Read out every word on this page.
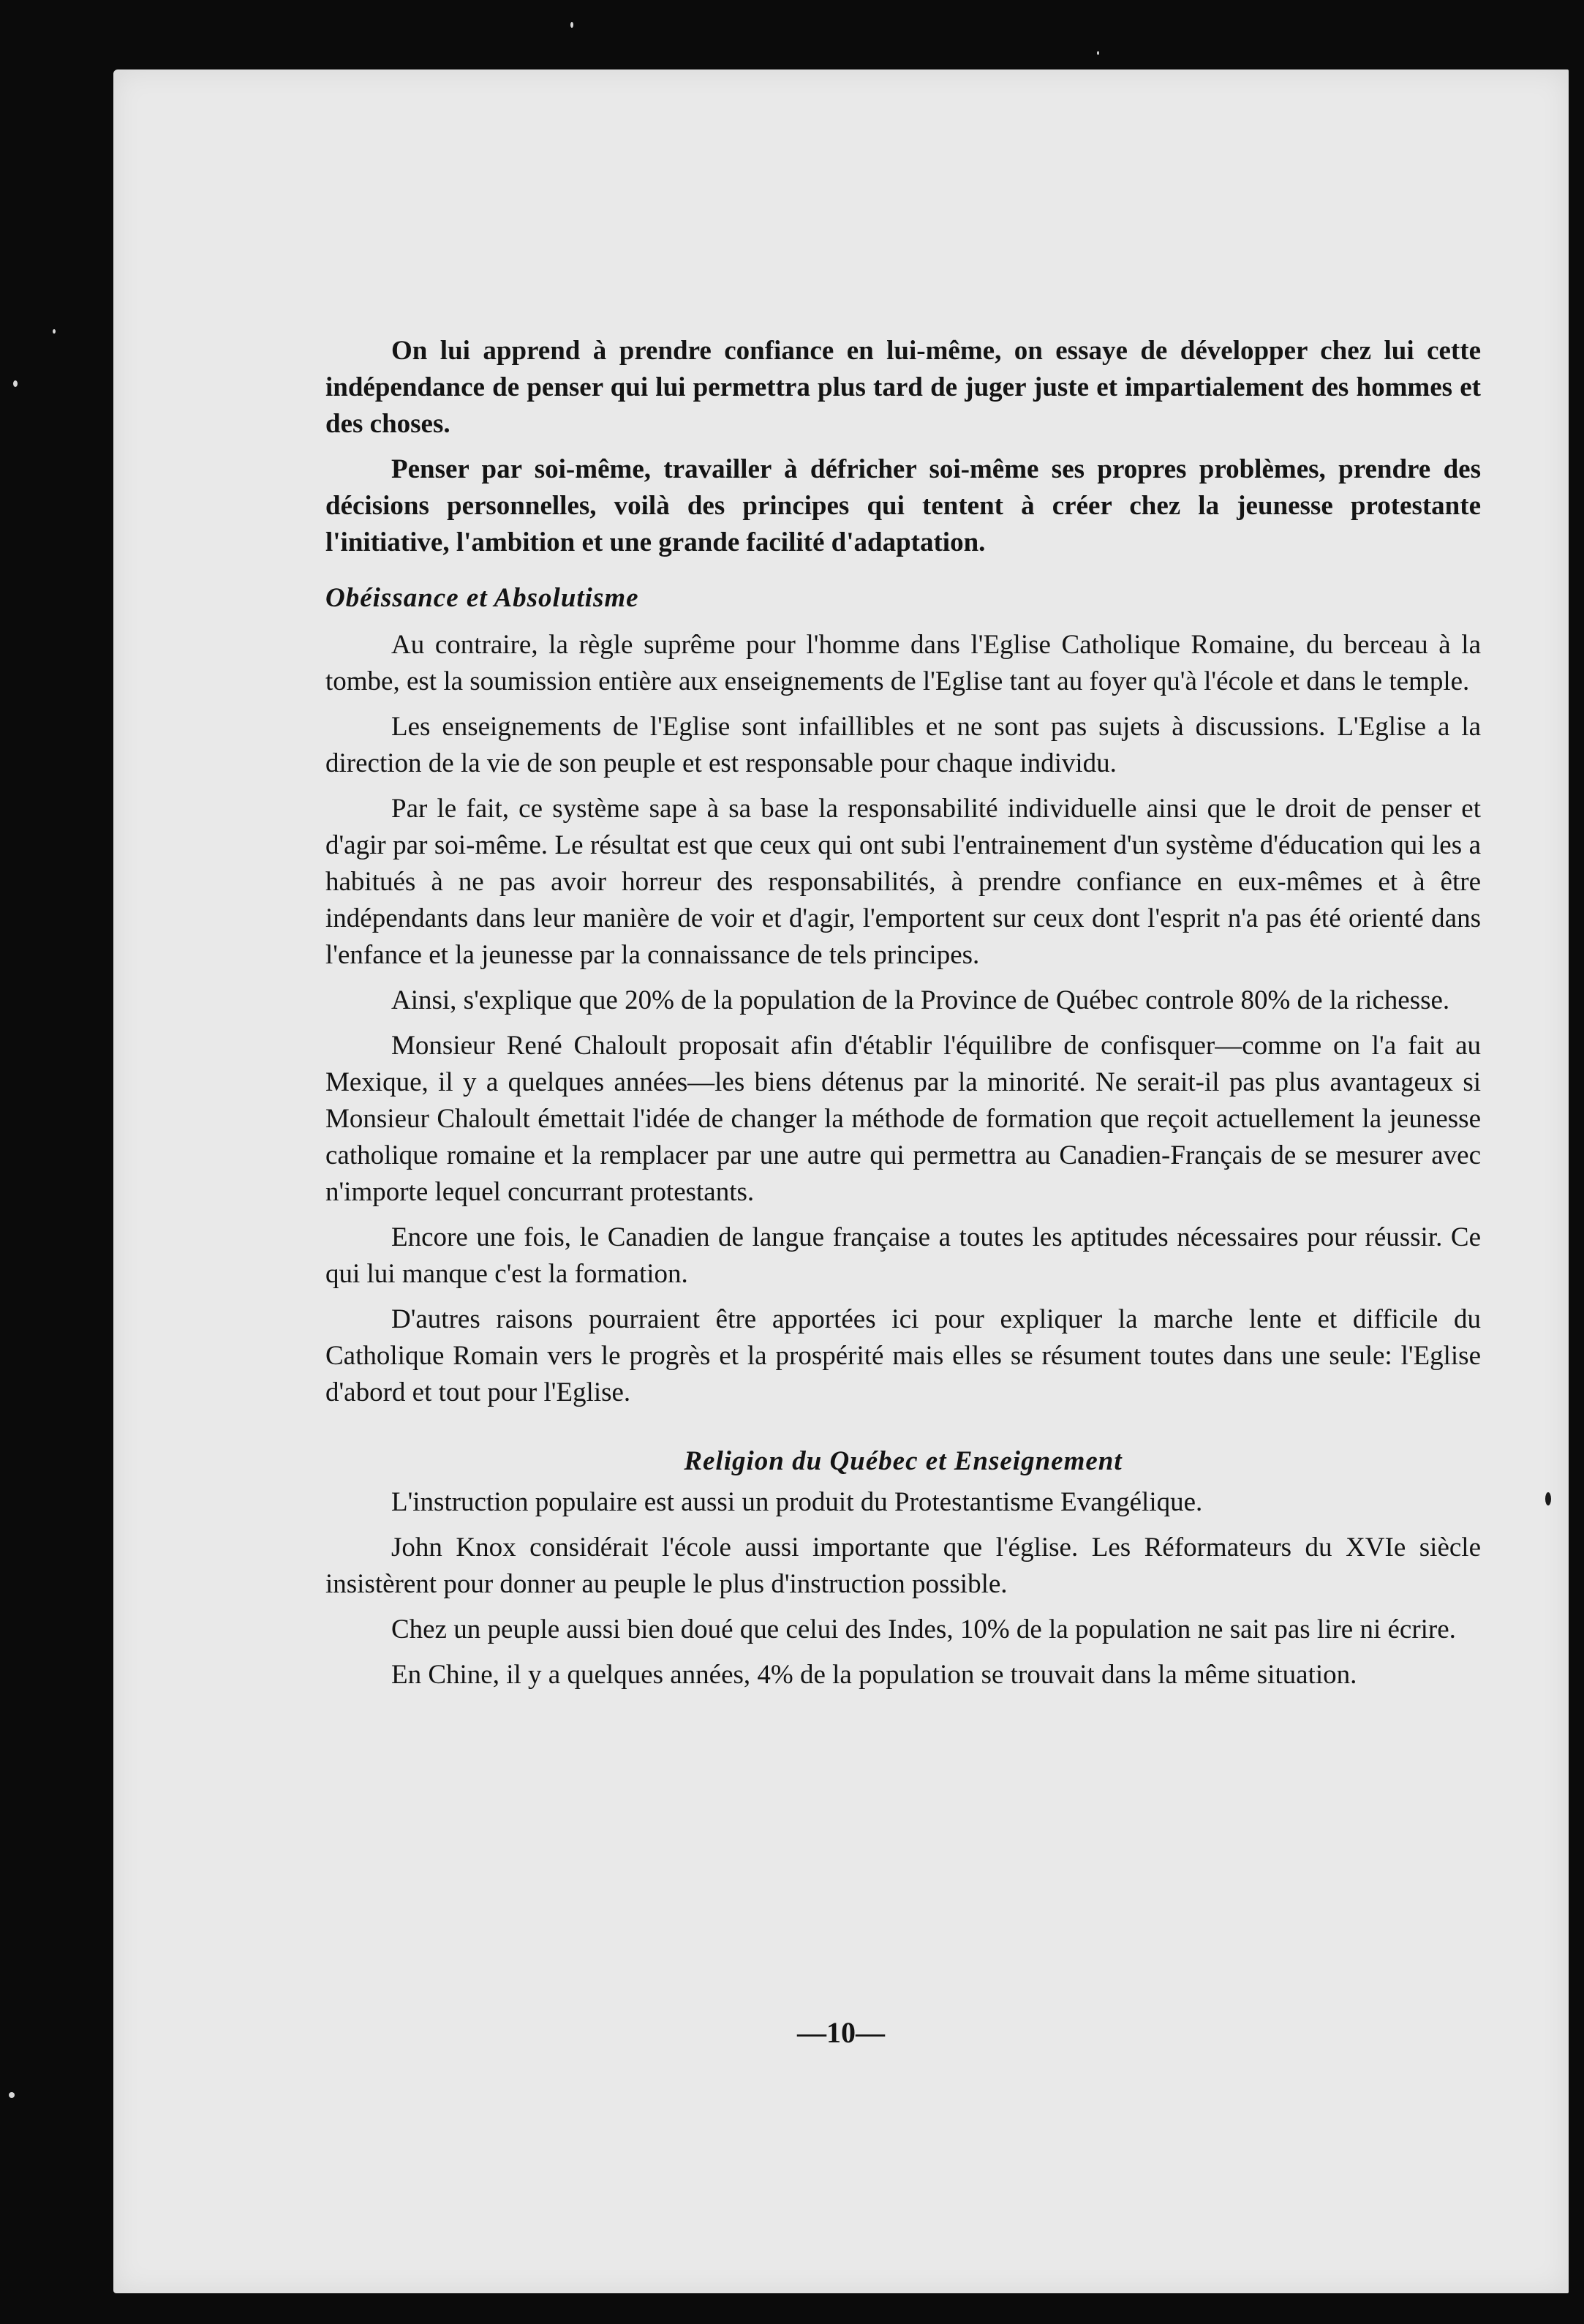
On lui apprend à prendre confiance en lui-même, on essaye de développer chez lui cette indépendance de penser qui lui permettra plus tard de juger juste et impartialement des hommes et des choses.

Penser par soi-même, travailler à défricher soi-même ses propres problèmes, prendre des décisions personnelles, voilà des principes qui tentent à créer chez la jeunesse protestante l'initiative, l'ambition et une grande facilité d'adaptation.

Obéissance et Absolutisme

Au contraire, la règle suprême pour l'homme dans l'Eglise Catholique Romaine, du berceau à la tombe, est la soumission entière aux enseignements de l'Eglise tant au foyer qu'à l'école et dans le temple.

Les enseignements de l'Eglise sont infaillibles et ne sont pas sujets à discussions. L'Eglise a la direction de la vie de son peuple et est responsable pour chaque individu.

Par le fait, ce système sape à sa base la responsabilité individuelle ainsi que le droit de penser et d'agir par soi-même. Le résultat est que ceux qui ont subi l'entrainement d'un système d'éducation qui les a habitués à ne pas avoir horreur des responsabilités, à prendre confiance en eux-mêmes et à être indépendants dans leur manière de voir et d'agir, l'emportent sur ceux dont l'esprit n'a pas été orienté dans l'enfance et la jeunesse par la connaissance de tels principes.

Ainsi, s'explique que 20% de la population de la Province de Québec controle 80% de la richesse.

Monsieur René Chaloult proposait afin d'établir l'équilibre de confisquer—comme on l'a fait au Mexique, il y a quelques années—les biens détenus par la minorité. Ne serait-il pas plus avantageux si Monsieur Chaloult émettait l'idée de changer la méthode de formation que reçoit actuellement la jeunesse catholique romaine et la remplacer par une autre qui permettra au Canadien-Français de se mesurer avec n'importe lequel concurrant protestants.

Encore une fois, le Canadien de langue française a toutes les aptitudes nécessaires pour réussir. Ce qui lui manque c'est la formation.

D'autres raisons pourraient être apportées ici pour expliquer la marche lente et difficile du Catholique Romain vers le progrès et la prospérité mais elles se résument toutes dans une seule: l'Eglise d'abord et tout pour l'Eglise.

Religion du Québec et Enseignement

L'instruction populaire est aussi un produit du Protestantisme Evangélique.

John Knox considérait l'école aussi importante que l'église. Les Réformateurs du XVIe siècle insistèrent pour donner au peuple le plus d'instruction possible.

Chez un peuple aussi bien doué que celui des Indes, 10% de la population ne sait pas lire ni écrire.

En Chine, il y a quelques années, 4% de la population se trouvait dans la même situation.

—10—
